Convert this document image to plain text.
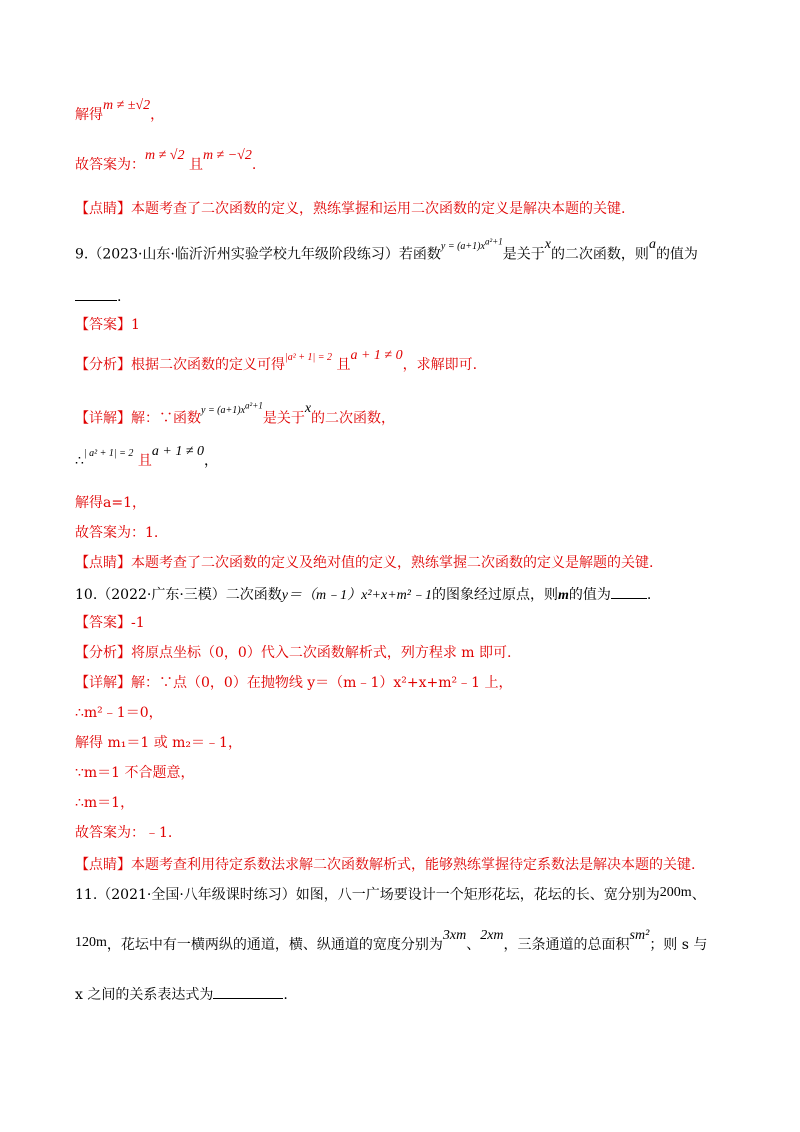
解得m ≠ ±√2，
故答案为：m ≠ √2 且m ≠ −√2.
【点睛】本题考查了二次函数的定义，熟练掌握和运用二次函数的定义是解决本题的关键.
9.（2023·山东·临沂沂州实验学校九年级阶段练习）若函数$^{y = (a+1)x^{a^2+1}}$是关于x的二次函数，则a的值为
.
【答案】1
【分析】根据二次函数的定义可得$^{|a^2 + 1| = 2}$ 且a + 1 ≠ 0，求解即可.
【详解】解：∵函数$^{y = (a+1)x^{a^2+1}}$是关于x的二次函数，
∴$^{| a^2 + 1| = 2}$ 且a + 1 ≠ 0，
解得a=1，
故答案为：1.
【点睛】本题考查了二次函数的定义及绝对值的定义，熟练掌握二次函数的定义是解题的关键.
10.（2022·广东·三模）二次函数y＝（m﹣1）x²+x+m²﹣1的图象经过原点，则m的值为	.
【答案】-1
【分析】将原点坐标（0，0）代入二次函数解析式，列方程求 m 即可.
【详解】解：∵点（0，0）在抛物线 y＝（m﹣1）x²+x+m²﹣1 上，
∴m²﹣1＝0，
解得 m₁＝1 或 m₂＝﹣1，
∵m＝1 不合题意，
∴m＝1，
故答案为：﹣1.
【点睛】本题考查利用待定系数法求解二次函数解析式，能够熟练掌握待定系数法是解决本题的关键.
11.（2021·全国·八年级课时练习）如图，八一广场要设计一个矩形花坛，花坛的长、宽分别为200m、
120m，花坛中有一横两纵的通道，横、纵通道的宽度分别为3xm、2xm，三条通道的总面积sm²；则 s 与
x 之间的关系表达式为	.
